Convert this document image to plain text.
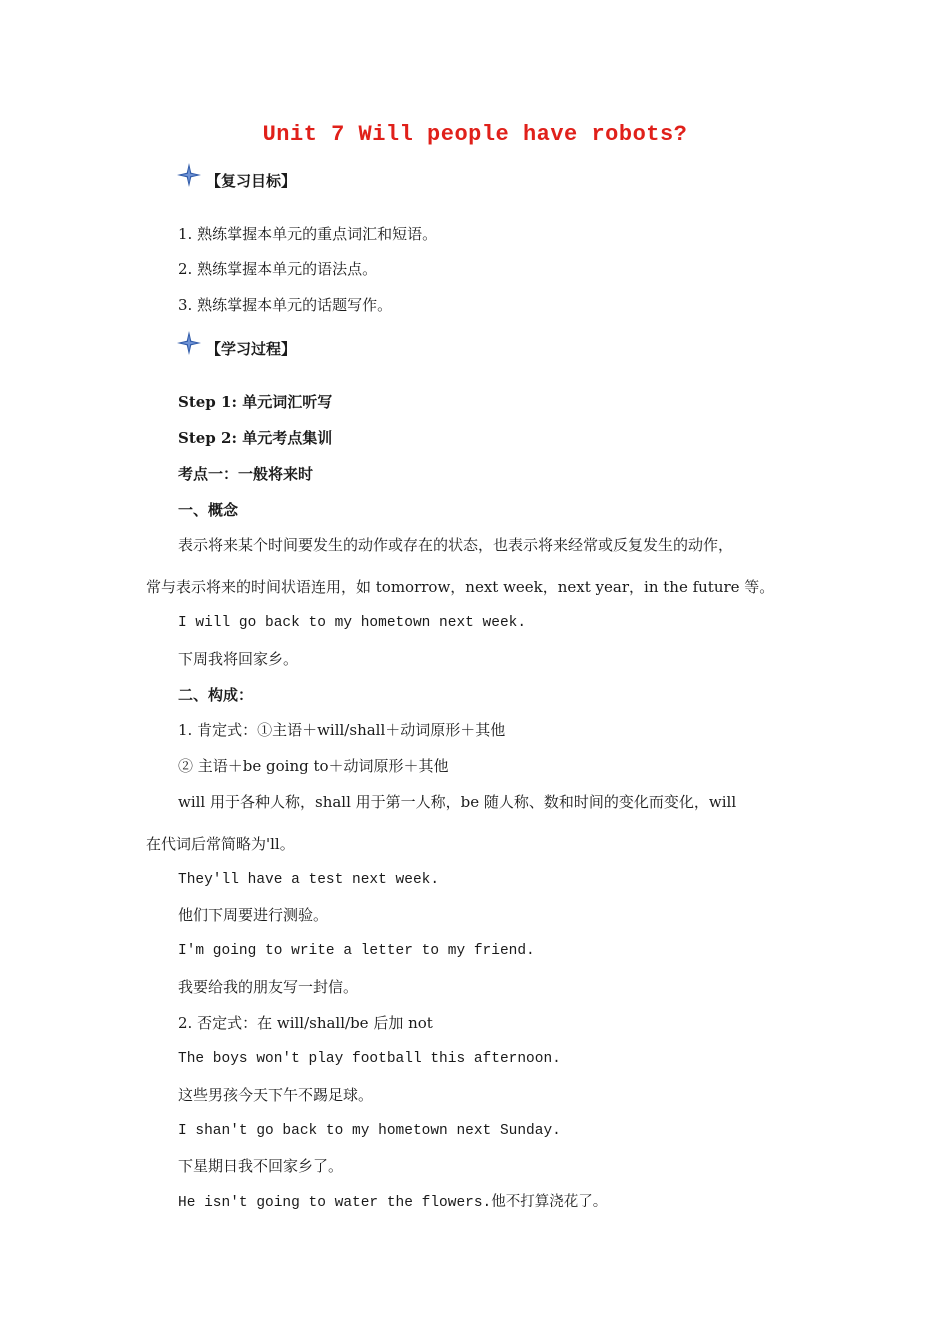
Unit 7 Will people have robots?
【复习目标】
1. 熟练掌握本单元的重点词汇和短语。
2. 熟练掌握本单元的语法点。
3. 熟练掌握本单元的话题写作。
【学习过程】
Step 1: 单元词汇听写
Step 2: 单元考点集训
考点一：一般将来时
一、概念
表示将来某个时间要发生的动作或存在的状态，也表示将来经常或反复发生的动作，
常与表示将来的时间状语连用，如 tomorrow，next week，next year，in the future 等。
I will go back to my hometown next week.
下周我将回家乡。
二、构成：
1. 肯定式：①主语＋will/shall＋动词原形＋其他
② 主语＋be going to＋动词原形＋其他
will 用于各种人称，shall 用于第一人称，be 随人称、数和时间的变化而变化，will
在代词后常简略为'll。
They'll have a test next week.
他们下周要进行测验。
I'm going to write a letter to my friend.
我要给我的朋友写一封信。
2. 否定式：在 will/shall/be 后加 not
The boys won't play football this afternoon.
这些男孩今天下午不踢足球。
I shan't go back to my hometown next Sunday.
下星期日我不回家乡了。
He isn't going to water the flowers.他不打算浇花了。
